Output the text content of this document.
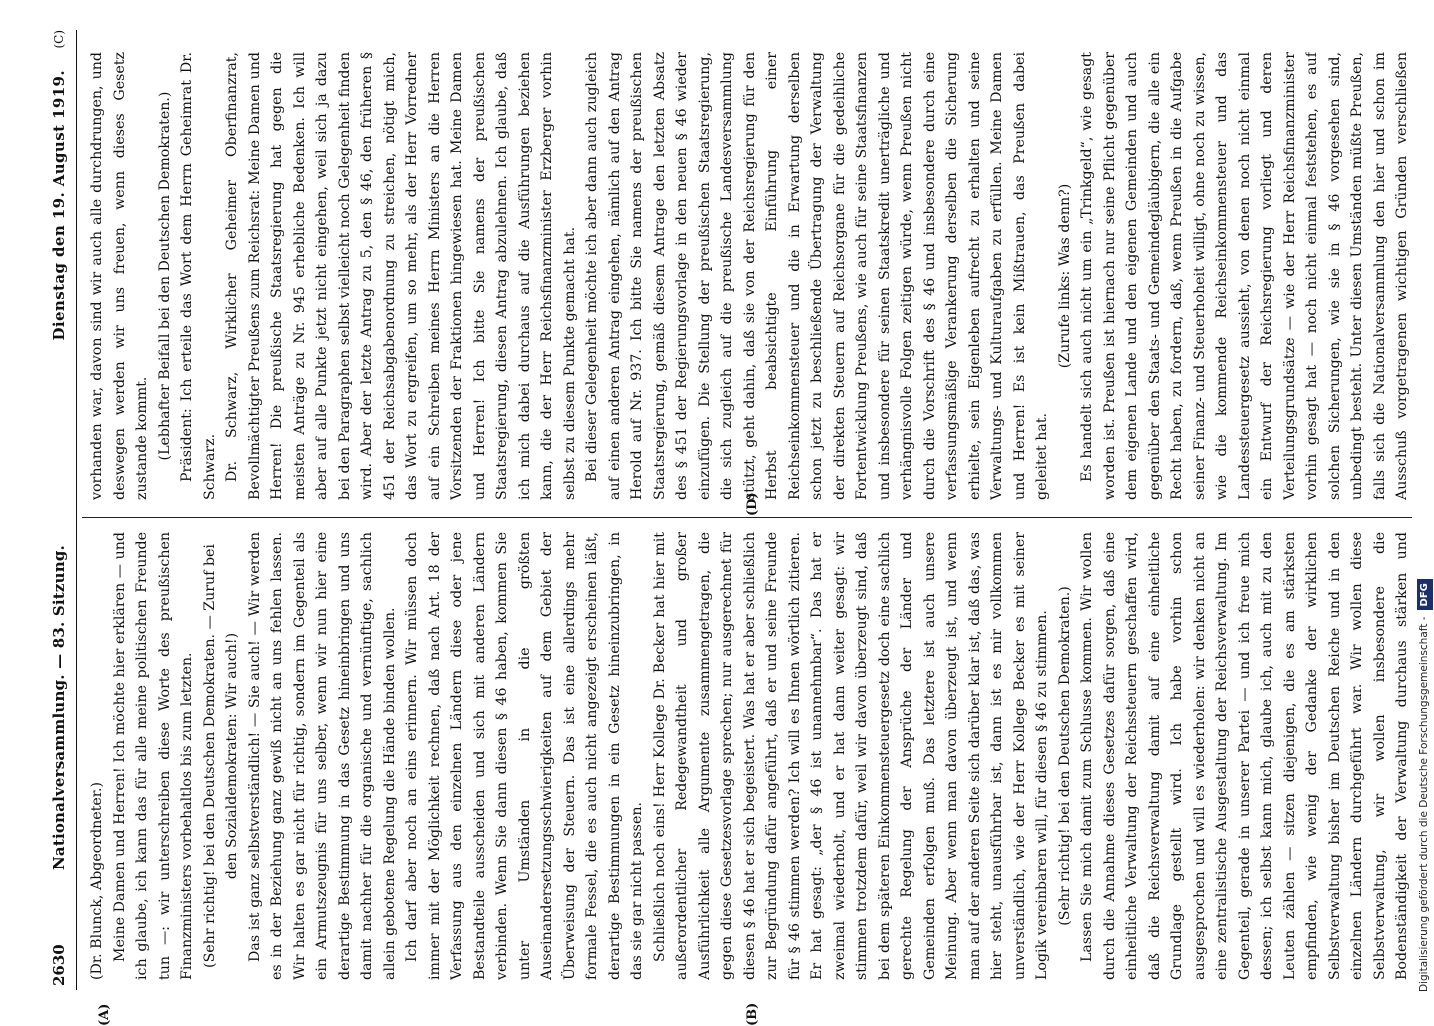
2630
Nationalversammlung. — 83. Sitzung.
Dienstag den 19. August 1919.
(C)
(A)	(B)
(D)

(Dr. Blunck, Abgeordneter.) Meine Damen und Herren! Ich möchte hier erklären — und ich glaube, ich kann das für alle meine politischen Freunde tun —: wir unterschreiben diese Worte des preußischen Finanzministers vorbehaltlos bis zum letzten. (Sehr richtig! bei den Deutschen Demokraten. — Zuruf bei den Sozialdemokraten: Wir auch!) Das ist ganz selbstverständlich! — Sie auch! — Wir werden es in der Beziehung ganz gewiß nicht an uns fehlen lassen. Wir halten es gar nicht für richtig, sondern im Gegenteil als ein Armutszeugnis für uns selber, wenn wir nun hier eine derartige Bestimmung in das Gesetz hineinbringen und uns damit nachher für die organische und vernünftige, sachlich allein gebotene Regelung die Hände binden wollen. Ich darf aber noch an eins erinnern. Wir müssen doch immer mit der Möglichkeit rechnen, daß nach Art. 18 der Verfassung aus den einzelnen Ländern diese oder jene Bestandteile ausscheiden und sich mit anderen Ländern verbinden. Wenn Sie dann diesen § 46 haben, kommen Sie unter Umständen in die größten Auseinandersetzungsschwierigkeiten auf dem Gebiet der Überweisung der Steuern. Das ist eine allerdings mehr formale Fessel, die es auch nicht angezeigt erscheinen läßt, derartige Bestimmungen in ein Gesetz hineinzubringen, in das sie gar nicht passen. Schließlich noch eins! Herr Kollege Dr. Becker hat hier mit außerordentlicher Redegewandtheit und großer Ausführlichkeit alle Argumente zusammengetragen, die gegen diese Gesetzesvorlage sprechen; nur ausgerechnet für diesen § 46 hat er sich begeistert. Was hat er aber schließlich zur Begründung dafür angeführt, daß er und seine Freunde für § 46 stimmen werden? Ich will es Ihnen wörtlich zitieren. Er hat gesagt: „der § 46 ist unannehmbar“. Das hat er zweimal wiederholt, und er hat dann weiter gesagt: wir stimmen trotzdem dafür, weil wir davon überzeugt sind, daß bei dem späteren Einkommensteuergesetz doch eine sachlich gerechte Regelung der Ansprüche der Länder und Gemeinden erfolgen muß. Das letztere ist auch unsere Meinung. Aber wenn man davon überzeugt ist, und wenn man auf der anderen Seite sich darüber klar ist, daß das, was hier steht, unausführbar ist, dann ist es mir vollkommen unverständlich, wie der Herr Kollege Becker es mit seiner Logik vereinbaren will, für diesen § 46 zu stimmen. (Sehr richtig! bei den Deutschen Demokraten.)

Lassen Sie mich damit zum Schlusse kommen. Wir wollen durch die Annahme dieses Gesetzes dafür sorgen, daß eine einheitliche Verwaltung der Reichssteuern geschaffen wird, daß die Reichsverwaltung damit auf eine einheitliche Grundlage gestellt wird. Ich habe vorhin schon ausgesprochen und will es wiederholen: wir denken nicht an eine zentralistische Ausgestaltung der Reichsverwaltung. Im Gegenteil, gerade in unserer Partei — und ich freue mich dessen; ich selbst kann mich, glaube ich, auch mit zu den Leuten zählen — sitzen diejenigen, die es am stärksten empfinden, wie wenig der Gedanke der wirklichen Selbstverwaltung bisher im Deutschen Reiche und in den einzelnen Ländern durchgeführt war. Wir wollen diese Selbstverwaltung, wir wollen insbesondere die Bodenständigkeit der Verwaltung durchaus stärken und

vorhanden war, davon sind wir auch alle durchdrungen, und deswegen werden wir uns freuen, wenn dieses Gesetz zustande kommt. (Lebhafter Beifall bei den Deutschen Demokraten.) Präsident: Ich erteile das Wort dem Herrn Geheimrat Dr. Schwarz. Dr. Schwarz, Wirklicher Geheimer Oberfinanzrat, Bevollmächtigter Preußens zum Reichsrat: Meine Damen und Herren! Die preußische Staatsregierung hat gegen die meisten Anträge zu Nr. 945 erhebliche Bedenken. Ich will aber auf alle Punkte jetzt nicht eingehen, weil sich ja dazu bei den Paragraphen selbst vielleicht noch Gelegenheit finden wird. Aber der letzte Antrag zu 5, den § 46, den früheren § 451 der Reichsabgabenordnung zu streichen, nötigt mich, das Wort zu ergreifen, um so mehr, als der Herr Vorredner auf ein Schreiben meines Herrn Ministers an die Herren Vorsitzenden der Fraktionen hingewiesen hat. Meine Damen und Herren! Ich bitte Sie namens der preußischen Staatsregierung, diesen Antrag abzulehnen. Ich glaube, daß ich mich dabei durchaus auf die Ausführungen beziehen kann, die der Herr Reichsfinanzminister Erzberger vorhin selbst zu diesem Punkte gemacht hat. Bei dieser Gelegenheit möchte ich aber dann auch zugleich auf einen anderen Antrag eingehen, nämlich auf den Antrag Herold auf Nr. 937. Ich bitte Sie namens der preußischen Staatsregierung, gemäß diesem Antrage den letzten Absatz des § 451 der Regierungsvorlage in den neuen § 46 wieder einzufügen. Die Stellung der preußischen Staatsregierung, die sich zugleich auf die preußische Landesversammlung stützt, geht dahin, daß sie von der Reichsregierung für den Herbst beabsichtigte Einführung einer Reichseinkommensteuer und die in Erwartung derselben schon jetzt zu beschließende Übertragung der Verwaltung der direkten Steuern auf Reichsorgane für die gedeihliche Fortentwicklung Preußens, wie auch für seine Staatsfinanzen und insbesondere für seinen Staatskredit unerträgliche und verhängnisvolle Folgen zeitigen würde, wenn Preußen nicht durch die Vorschrift des § 46 und insbesondere durch eine verfassungsmäßige Verankerung derselben die Sicherung erhielte, sein Eigenleben aufrecht zu erhalten und seine Verwaltungs- und Kulturaufgaben zu erfüllen. Meine Damen und Herren! Es ist kein Mißtrauen, das Preußen dabei geleitet hat.

(Zurufe links: Was denn?)

Es handelt sich auch nicht um ein „Trinkgeld“, wie gesagt worden ist. Preußen ist hiernach nur seine Pflicht gegenüber dem eigenen Lande und den eigenen Gemeinden und auch gegenüber den Staats- und Gemeindegläubigern, die alle ein Recht haben, zu fordern, daß, wenn Preußen in die Aufgabe seiner Finanz- und Steuerhoheit willigt, ohne noch zu wissen, wie die kommende Reichseinkommensteuer und das Landessteuergesetz aussieht, von denen noch nicht einmal ein Entwurf der Reichsregierung vorliegt und deren Verteilungsgrundsätze — wie der Herr Reichsfinanzminister vorhin gesagt hat — noch nicht einmal feststehen, es auf solchen Sicherungen, wie sie in § 46 vorgesehen sind, unbedingt besteht. Unter diesen Umständen müßte Preußen, falls sich die Nationalversammlung den hier und schon im Ausschuß vorgetragenen wichtigen Gründen verschließen

Digitalisierung gefördert durch die Deutsche Forschungsgemeinschaft -DFG
